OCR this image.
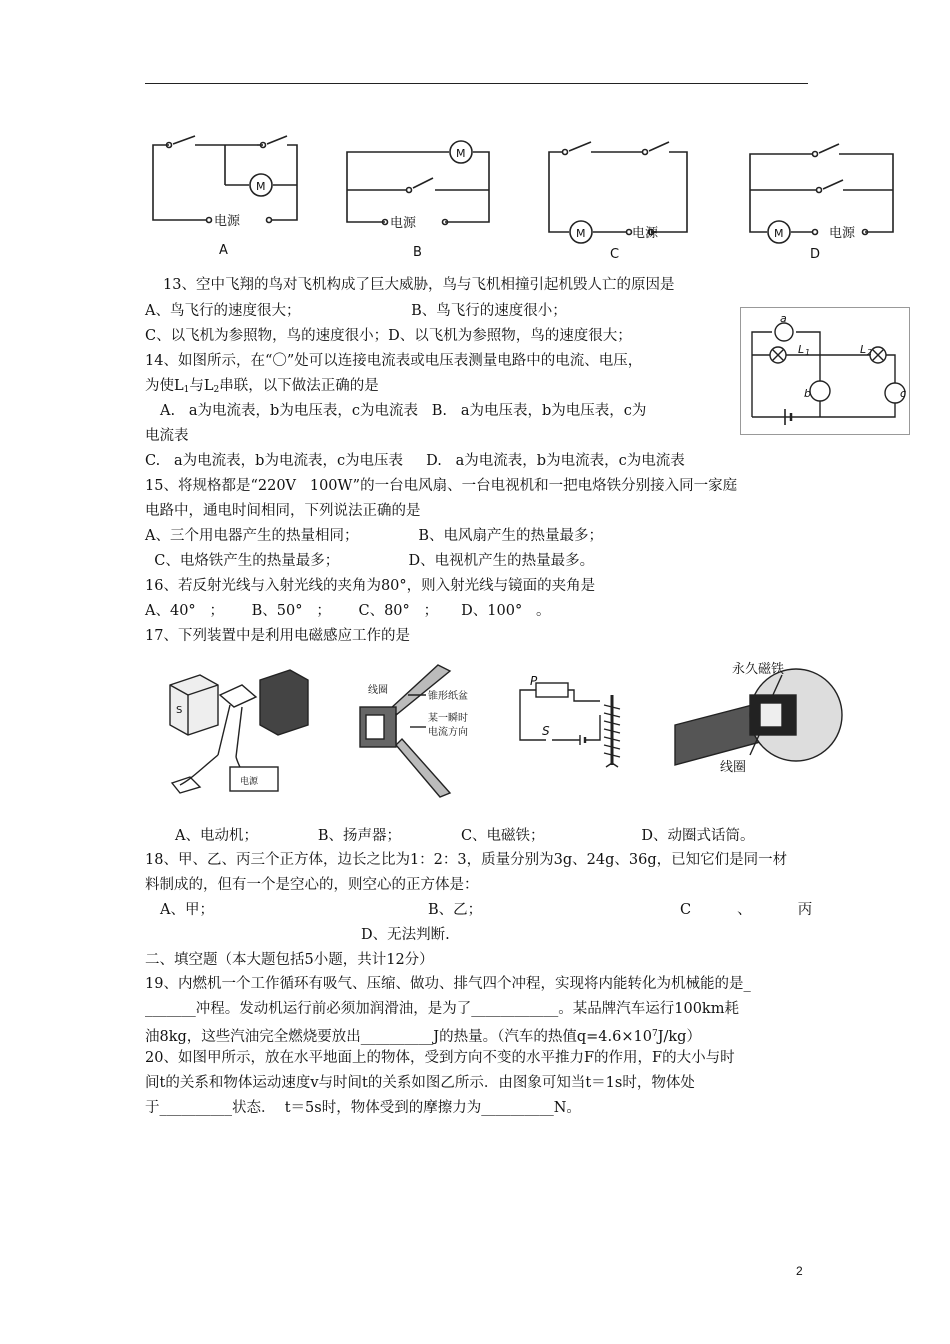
M
电源
A
M
电源
B
M	电源
C
M	电源
D
a
L 1	L 2
b	c
13、空中飞翔的鸟对飞机构成了巨大威胁，鸟与飞机相撞引起机毁人亡的原因是
A、鸟飞行的速度很大；                        B、鸟飞行的速度很小；
C、以飞机为参照物，鸟的速度很小；D、以飞机为参照物，鸟的速度很大；
14、如图所示，在“〇”处可以连接电流表或电压表测量电路中的电流、电压，
为使$L_1$与$L_2$串联，以下做法正确的是
A.   a为电流表，b为电压表，c为电流表   B.   a为电压表，b为电压表，c为
电流表
C.   a为电流表，b为电流表，c为电压表     D.   a为电流表，b为电流表，c为电流表
15、将规格都是“220V   100W”的一台电风扇、一台电视机和一把电烙铁分别接入同一家庭
电路中，通电时间相同，下列说法正确的是
A、三个用电器产生的热量相同；             B、电风扇产生的热量最多；
C、电烙铁产生的热量最多；               D、电视机产生的热量最多。
16、若反射光线与入射光线的夹角为80°，则入射光线与镜面的夹角是
A、40°   ；      B、50°   ；      C、80°   ；     D、100°   。
17、下列装置中是利用电磁感应工作的是
S
电源
线圈
锥形纸盆
某一瞬时
电流方向
P
S
永久磁铁
线圈
A、电动机；             B、扬声器；             C、电磁铁；                     D、动圈式话筒。
18、甲、乙、丙三个正方体，边长之比为1：2：3，质量分别为3g、24g、36g，已知它们是同一材
料制成的，但有一个是空心的，则空心的正方体是：
A、甲；	B、乙；	C          、          丙
D、无法判断.
二、填空题（本大题包括5小题，共计12分）
19、内燃机一个工作循环有吸气、压缩、做功、排气四个冲程，实现将内能转化为机械能的是_
_______冲程。发动机运行前必须加润滑油，是为了____________。某品牌汽车运行100km耗
油8kg，这些汽油完全燃烧要放出__________J的热量。（汽车的热值$q=4.6\times 10^7J/kg$）
20、如图甲所示，放在水平地面上的物体，受到方向不变的水平推力F的作用，F的大小与时
间t的关系和物体运动速度v与时间t的关系如图乙所示．由图象可知当t＝1s时，物体处
于__________状态．  t＝5s时，物体受到的摩擦力为__________N。
2
